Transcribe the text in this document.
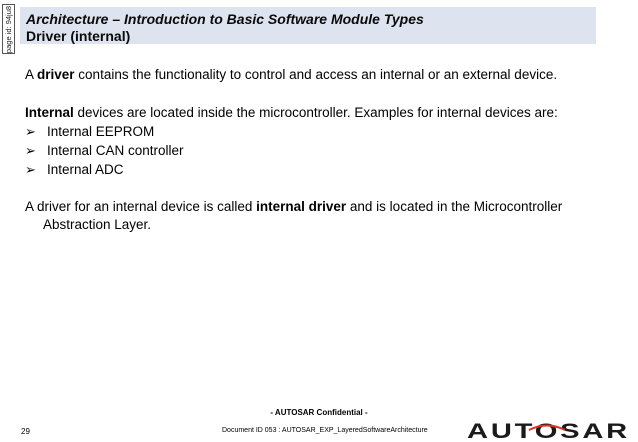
page id: 94ju8 Architecture – Introduction to Basic Software Module Types
Driver (internal)
A driver contains the functionality to control and access an internal or an external device.
Internal devices are located inside the microcontroller. Examples for internal devices are:
➢ Internal EEPROM
➢ Internal CAN controller
➢ Internal ADC
A driver for an internal device is called internal driver and is located in the Microcontroller
Abstraction Layer.
- AUTOSAR Confidential -
29	Document ID 053 : AUTOSAR_EXP_LayeredSoftwareArchitecture AUTOSAR
